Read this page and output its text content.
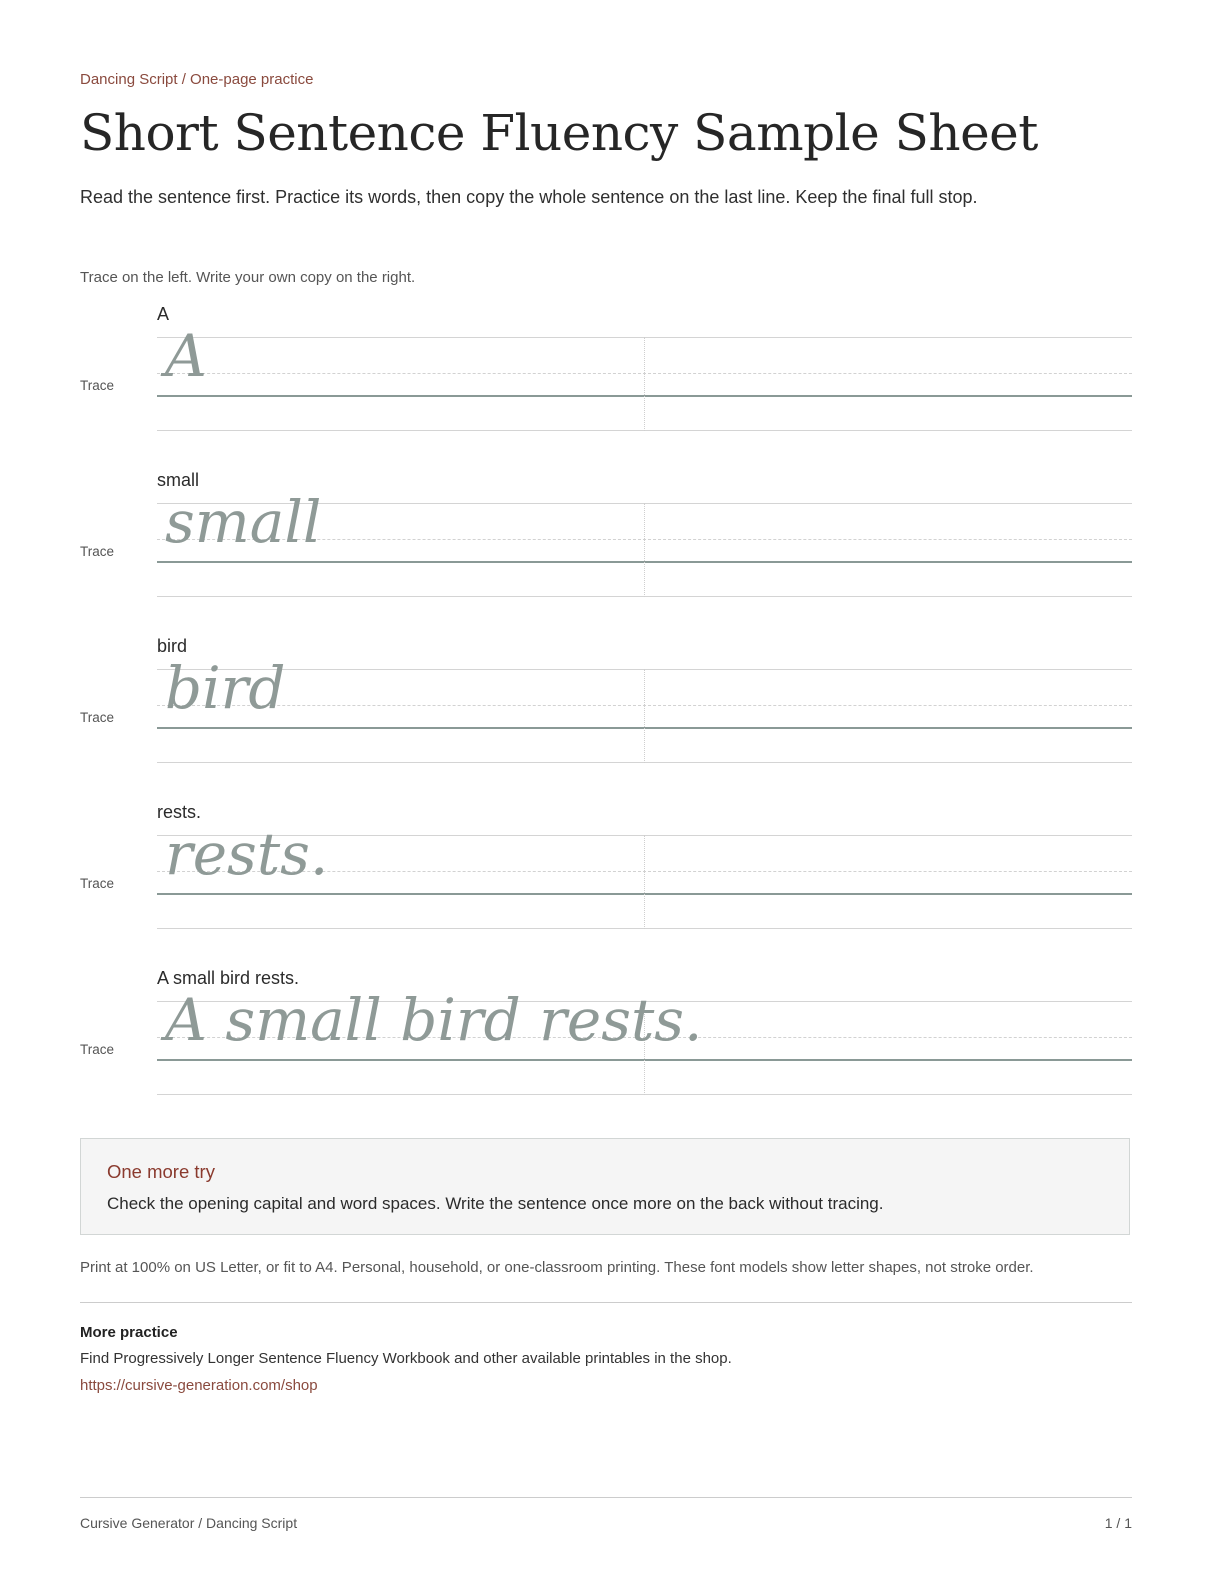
Dancing Script / One-page practice
Short Sentence Fluency Sample Sheet
Read the sentence first. Practice its words, then copy the whole sentence on the last line. Keep the final full stop.
Trace on the left. Write your own copy on the right.
A
Trace A
small
Trace small
bird
Trace bird
rests.
Trace rests.
A small bird rests.
Trace A small bird rests.
One more try
Check the opening capital and word spaces. Write the sentence once more on the back without tracing.
Print at 100% on US Letter, or fit to A4. Personal, household, or one-classroom printing. These font models show letter shapes, not stroke order.
More practice
Find Progressively Longer Sentence Fluency Workbook and other available printables in the shop.
https://cursive-generation.com/shop
Cursive Generator / Dancing Script	1 / 1
